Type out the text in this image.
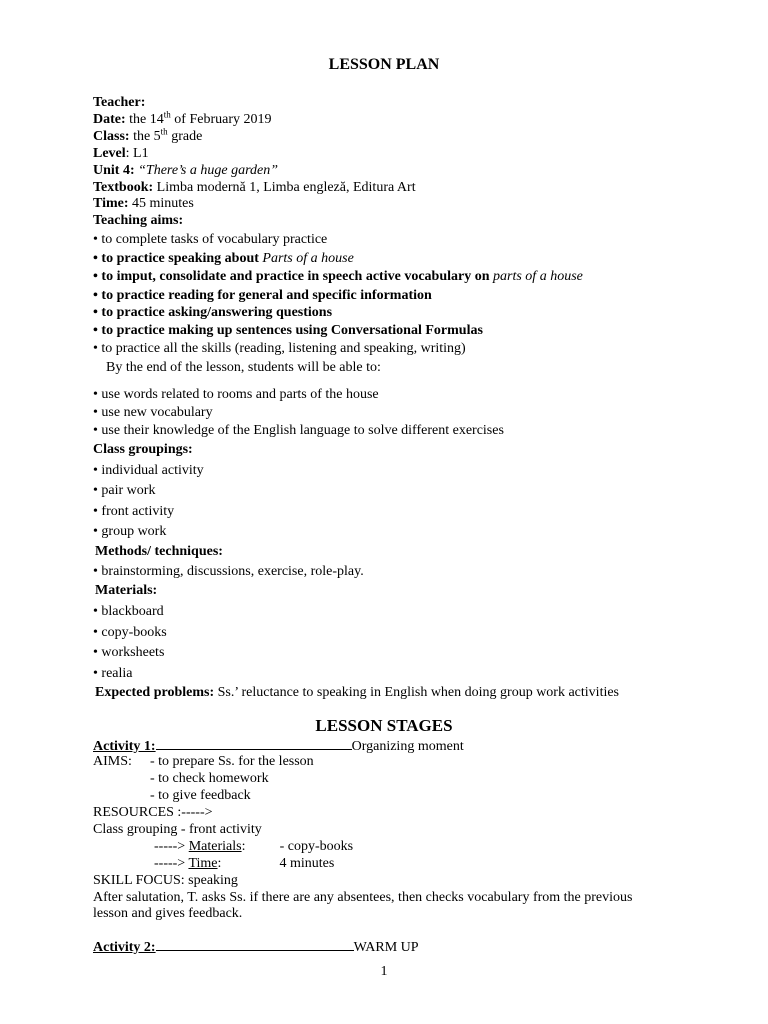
LESSON PLAN
Teacher:
Date: the 14th of February 2019
Class: the 5th grade
Level: L1
Unit 4: “There’s a huge garden”
Textbook: Limba modernă 1, Limba engleză, Editura Art
Time: 45 minutes
Teaching aims:
• to complete tasks of vocabulary practice
• to practice speaking about Parts of a house
• to imput, consolidate and practice in speech active vocabulary on parts of a house
• to practice reading for general and specific information
• to practice asking/answering questions
• to practice making up sentences using Conversational Formulas
• to practice all the skills (reading, listening and speaking, writing)
By the end of the lesson, students will be able to:
• use words related to rooms and parts of the house
• use new vocabulary
• use their knowledge of the English language to solve different exercises
Class groupings:
• individual activity
• pair work
• front activity
• group work
Methods/ techniques:
• brainstorming, discussions, exercise, role-play.
Materials:
• blackboard
• copy-books
• worksheets
• realia
Expected problems: Ss.’ reluctance to speaking in English when doing group work activities
LESSON STAGES
Activity 1:	Organizing moment
AIMS: - to prepare Ss. for the lesson
- to check homework
- to give feedback
RESOURCES :----->
Class grouping - front activity
-----> Materials: - copy-books
-----> Time:	4 minutes
SKILL FOCUS: speaking
After salutation, T. asks Ss. if there are any absentees, then checks vocabulary from the previous
lesson and gives feedback.
Activity 2:	WARM UP
1
